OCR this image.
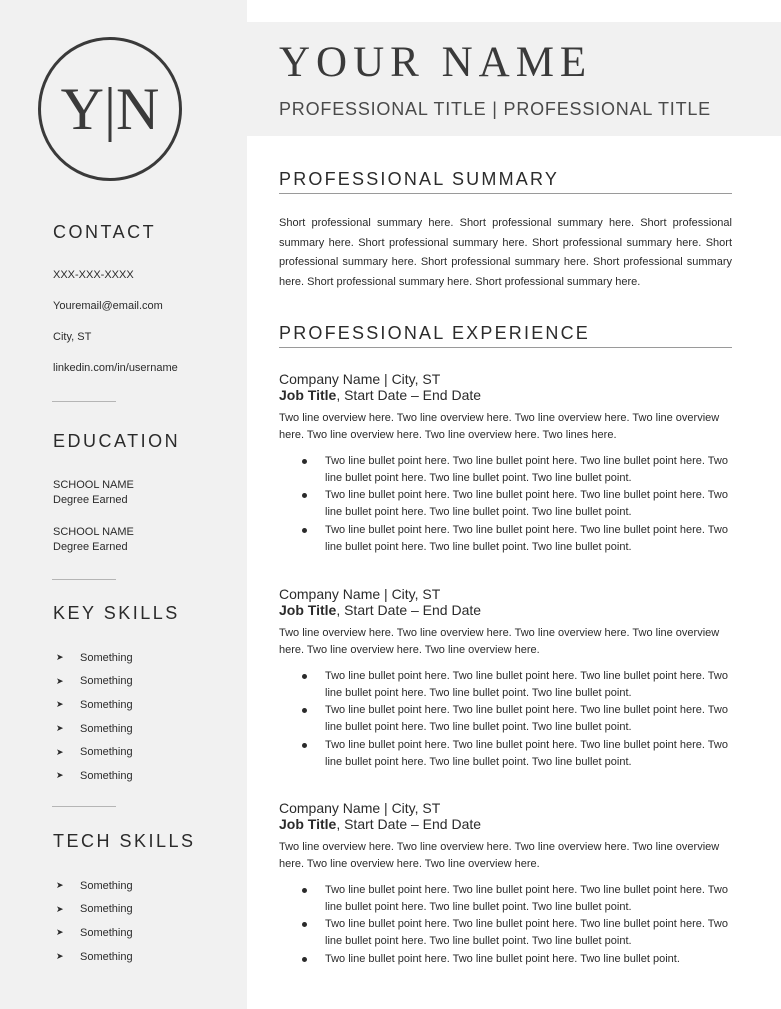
Y|N
CONTACT
XXX-XXX-XXXX
Youremail@email.com
City, ST
linkedin.com/in/username
EDUCATION
SCHOOL NAME
Degree Earned
SCHOOL NAME
Degree Earned
KEY SKILLS
➤ Something
➤ Something
➤ Something
➤ Something
➤ Something
➤ Something
TECH SKILLS
➤ Something
➤ Something
➤ Something
➤ Something
YOUR NAME
PROFESSIONAL TITLE | PROFESSIONAL TITLE
PROFESSIONAL SUMMARY

Short professional summary here. Short professional summary here. Short professional summary here. Short professional summary here. Short professional summary here. Short professional summary here. Short professional summary here. Short professional summary here. Short professional summary here. Short professional summary here.

PROFESSIONAL EXPERIENCE
Company Name | City, ST
Job Title, Start Date – End Date
Two line overview here. Two line overview here. Two line overview here. Two line overview here. Two line overview here. Two line overview here. Two lines here.
Two line bullet point here. Two line bullet point here. Two line bullet point here. Two line bullet point here. Two line bullet point. Two line bullet point.
Two line bullet point here. Two line bullet point here. Two line bullet point here. Two line bullet point here. Two line bullet point. Two line bullet point.
Two line bullet point here. Two line bullet point here. Two line bullet point here. Two line bullet point here. Two line bullet point. Two line bullet point.
Company Name | City, ST
Job Title, Start Date – End Date
Two line overview here. Two line overview here. Two line overview here. Two line overview here. Two line overview here. Two line overview here.
Two line bullet point here. Two line bullet point here. Two line bullet point here. Two line bullet point here. Two line bullet point. Two line bullet point.
Two line bullet point here. Two line bullet point here. Two line bullet point here. Two line bullet point here. Two line bullet point. Two line bullet point.
Two line bullet point here. Two line bullet point here. Two line bullet point here. Two line bullet point here. Two line bullet point. Two line bullet point.
Company Name | City, ST
Job Title, Start Date – End Date
Two line overview here. Two line overview here. Two line overview here. Two line overview here. Two line overview here. Two line overview here.
Two line bullet point here. Two line bullet point here. Two line bullet point here. Two line bullet point here. Two line bullet point. Two line bullet point.
Two line bullet point here. Two line bullet point here. Two line bullet point here. Two line bullet point here. Two line bullet point. Two line bullet point.
Two line bullet point here. Two line bullet point here. Two line bullet point.
